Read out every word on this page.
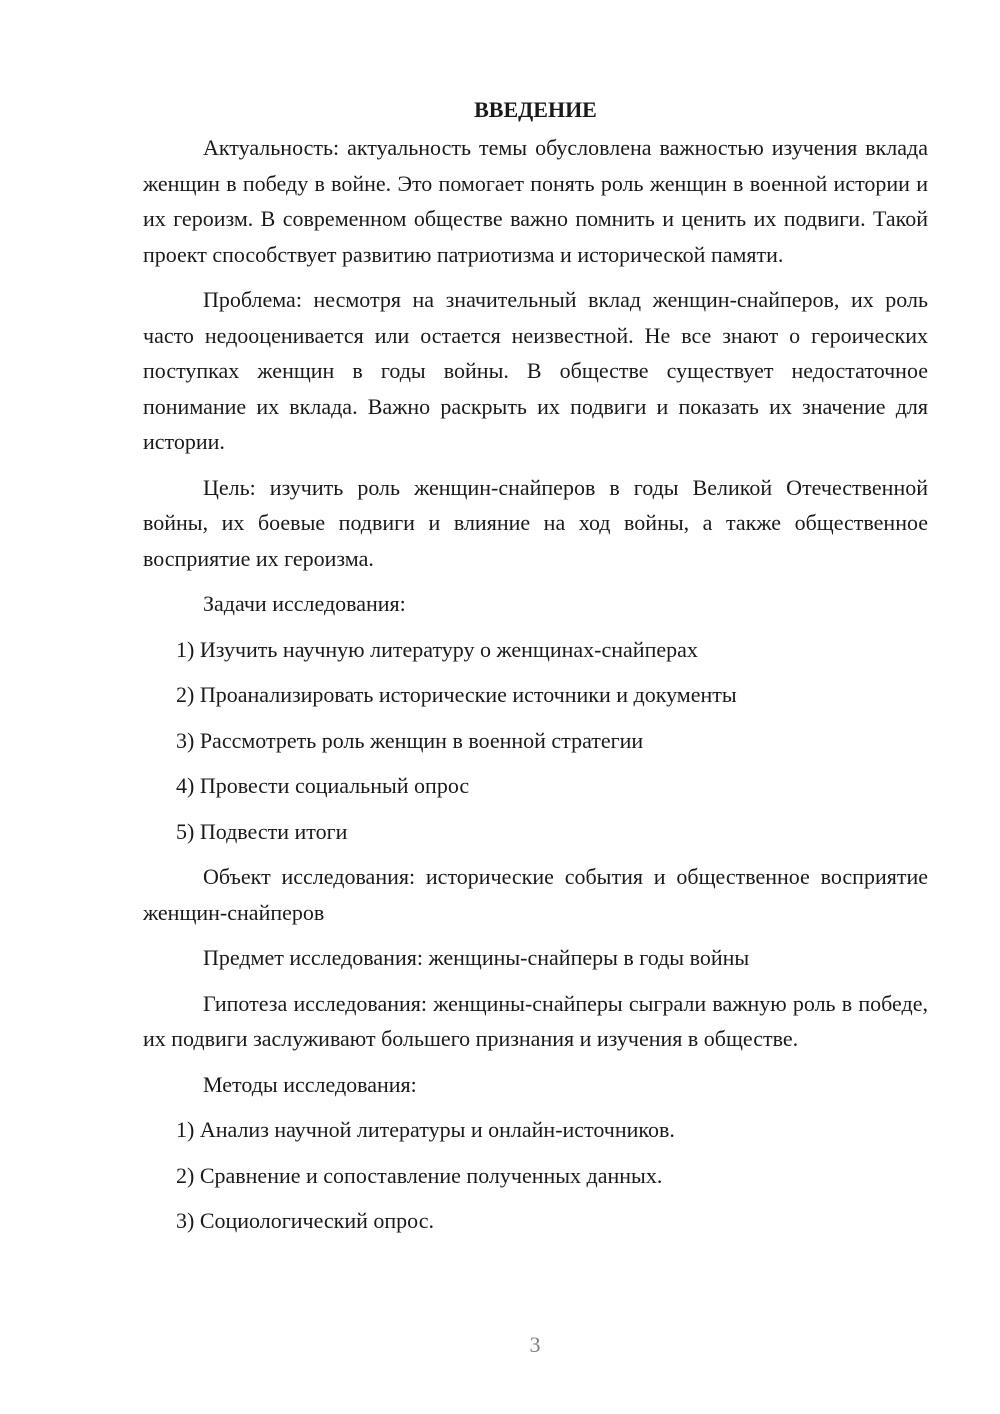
ВВЕДЕНИЕ

Актуальность: актуальность темы обусловлена важностью изучения вклада женщин в победу в войне. Это помогает понять роль женщин в военной истории и их героизм. В современном обществе важно помнить и ценить их подвиги. Такой проект способствует развитию патриотизма и исторической памяти.

Проблема: несмотря на значительный вклад женщин-снайперов, их роль часто недооценивается или остается неизвестной. Не все знают о героических поступках женщин в годы войны. В обществе существует недостаточное понимание их вклада. Важно раскрыть их подвиги и показать их значение для истории.

Цель: изучить роль женщин-снайперов в годы Великой Отечественной войны, их боевые подвиги и влияние на ход войны, а также общественное восприятие их героизма.

Задачи исследования:

1) Изучить научную литературу о женщинах-снайперах

2) Проанализировать исторические источники и документы

3) Рассмотреть роль женщин в военной стратегии

4) Провести социальный опрос

5) Подвести итоги

Объект исследования: исторические события и общественное восприятие женщин-снайперов

Предмет исследования: женщины-снайперы в годы войны

Гипотеза исследования: женщины-снайперы сыграли важную роль в победе, их подвиги заслуживают большего признания и изучения в обществе.

Методы исследования:

1) Анализ научной литературы и онлайн-источников.

2) Сравнение и сопоставление полученных данных.

3) Социологический опрос.

3
